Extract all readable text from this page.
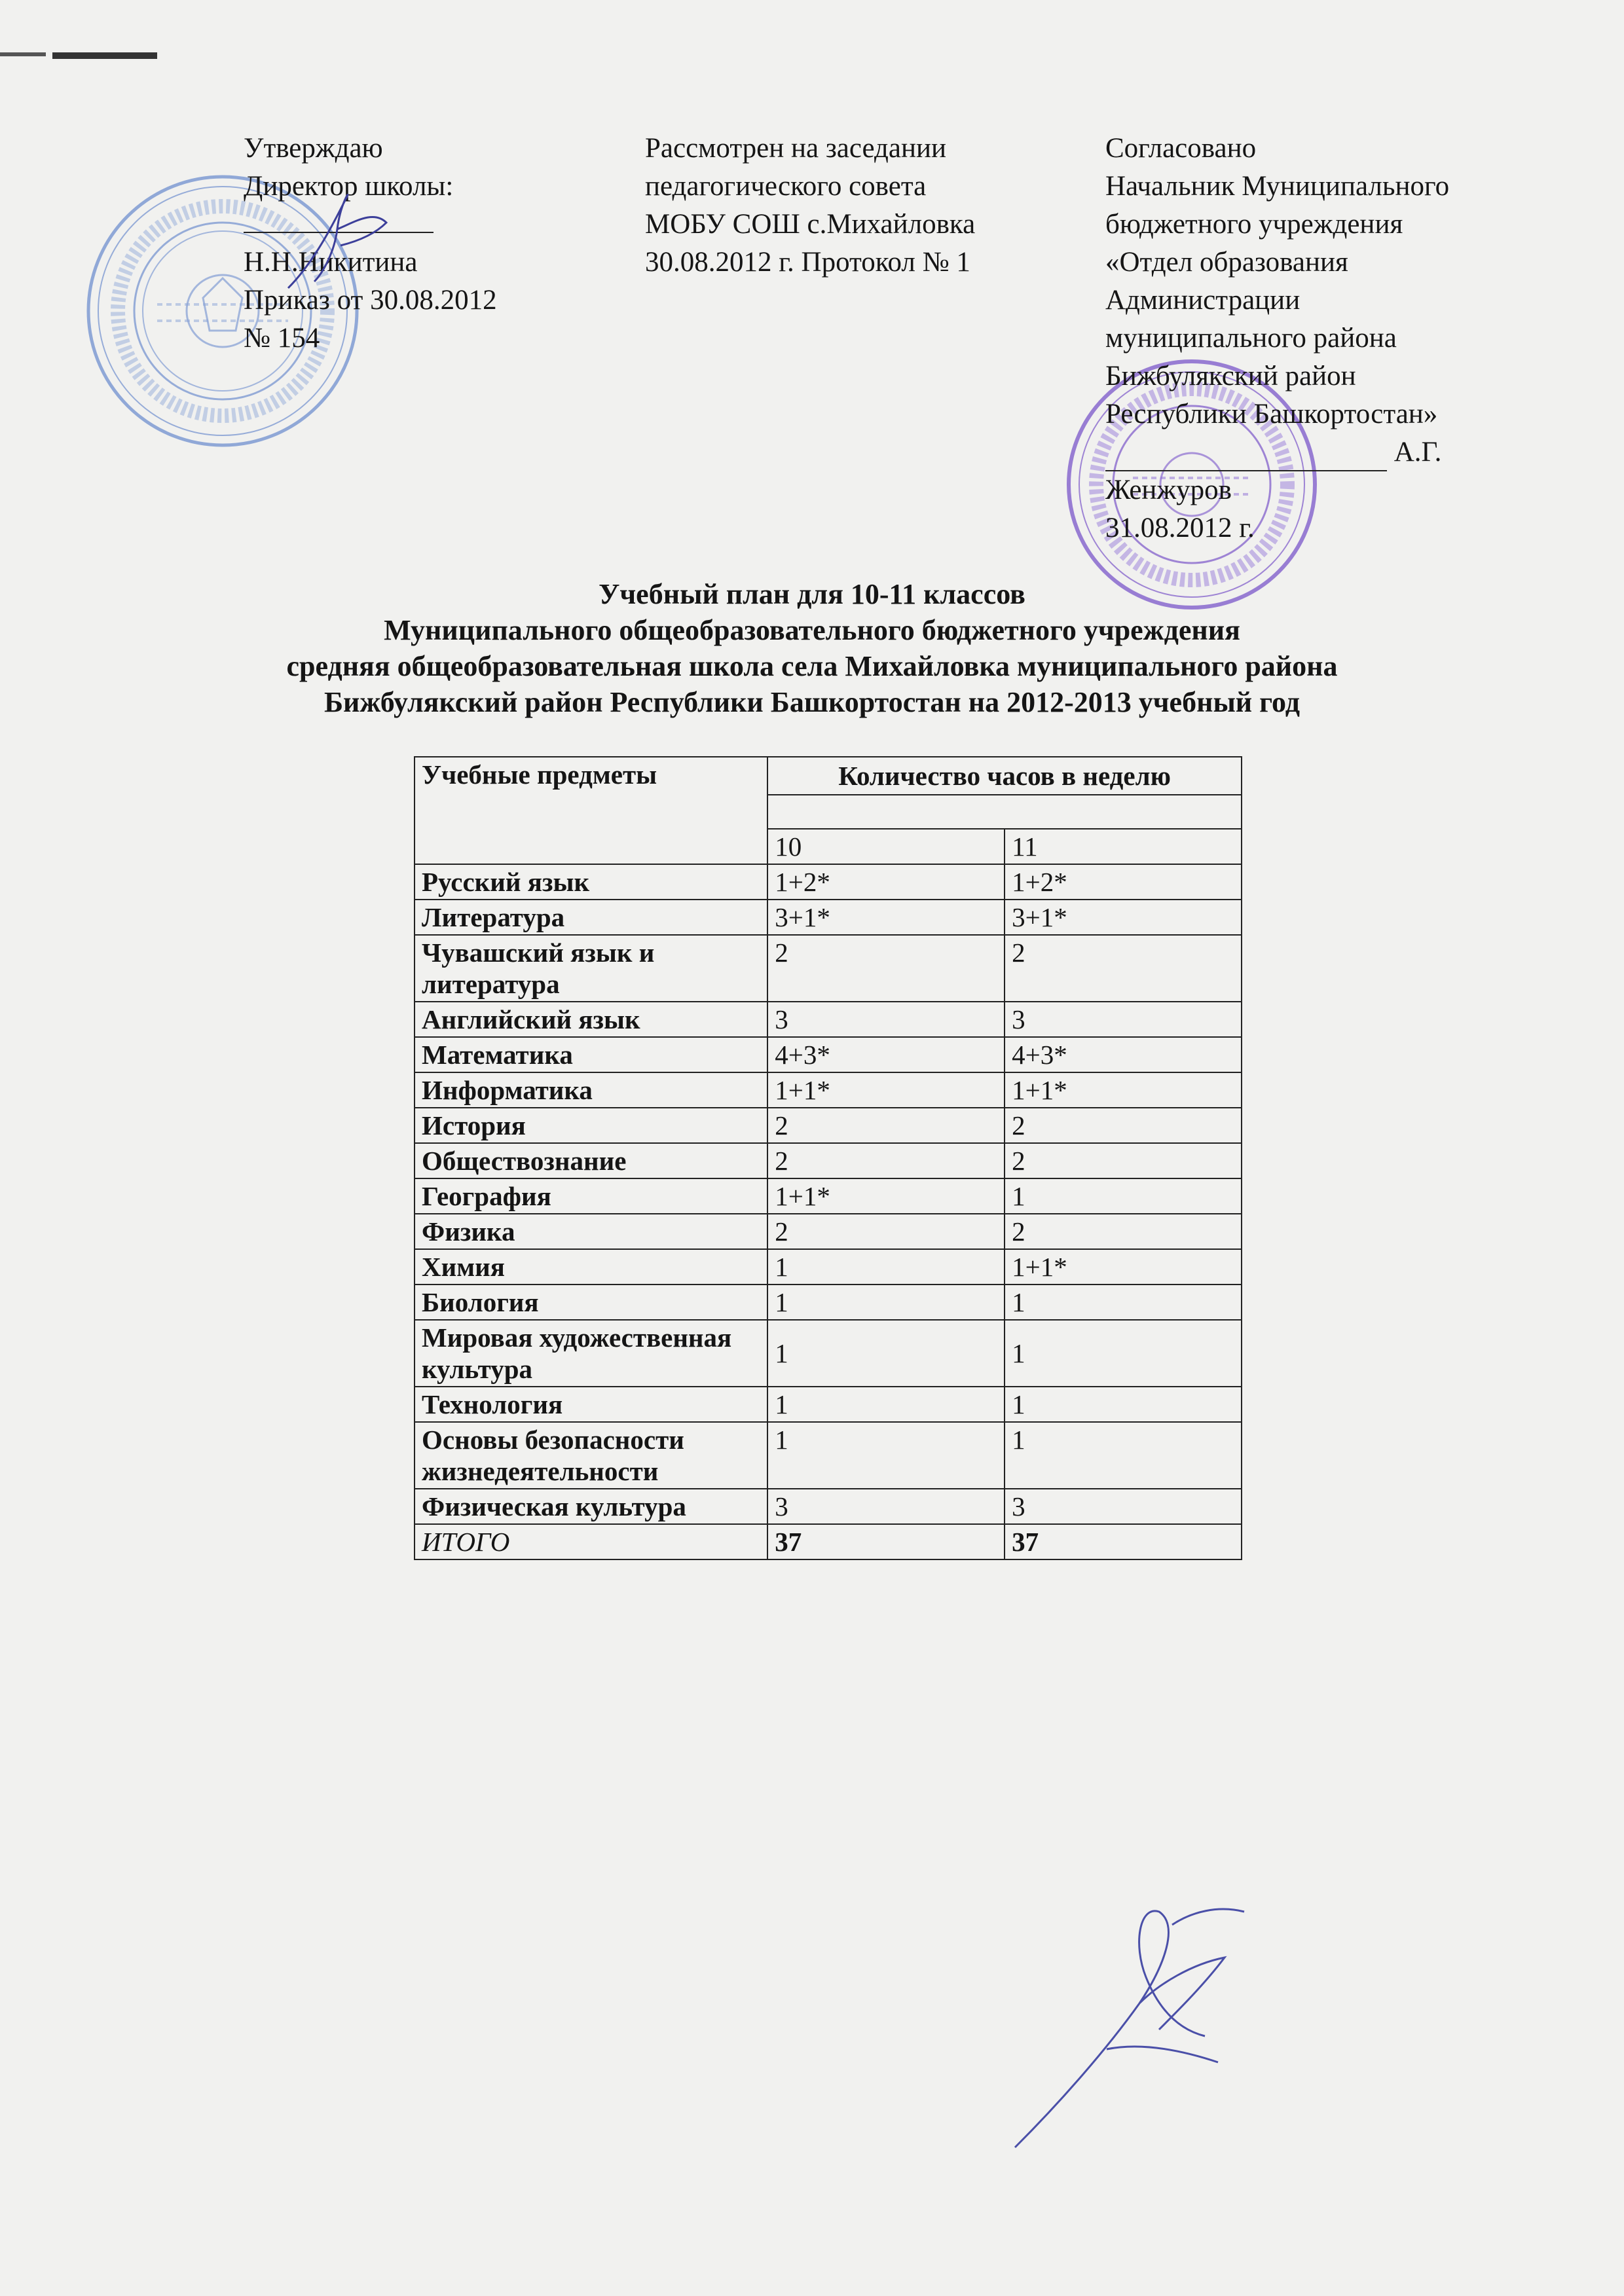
Утверждаю
Директор школы:
Н.Н.Никитина
Приказ от 30.08.2012
№ 154
Рассмотрен на заседании
педагогического совета
МОБУ СОШ с.Михайловка
30.08.2012 г. Протокол № 1
Согласовано
Начальник Муниципального
бюджетного учреждения
«Отдел образования
Администрации
муниципального района
Бижбулякский район
Республики Башкортостан»
А.Г.
Женжуров
31.08.2012 г.
Учебный план для 10-11 классов
Муниципального общеобразовательного бюджетного учреждения
средняя общеобразовательная школа села Михайловка муниципального района
Бижбулякский район Республики Башкортостан на 2012-2013 учебный год
Учебные предметы	Количество часов в неделю	

	10	11
Русский язык	1+2*	1+2*
Литература	3+1*	3+1*
Чувашский язык и литература	2	2
Английский язык	3	3
Математика	4+3*	4+3*
Информатика	1+1*	1+1*
История	2	2
Обществознание	2	2
География	1+1*	1
Физика	2	2
Химия	1	1+1*
Биология	1	1
Мировая художественная культура	1	1
Технология	1	1
Основы безопасности жизнедеятельности	1	1
Физическая культура	3	3
ИТОГО	37	37
